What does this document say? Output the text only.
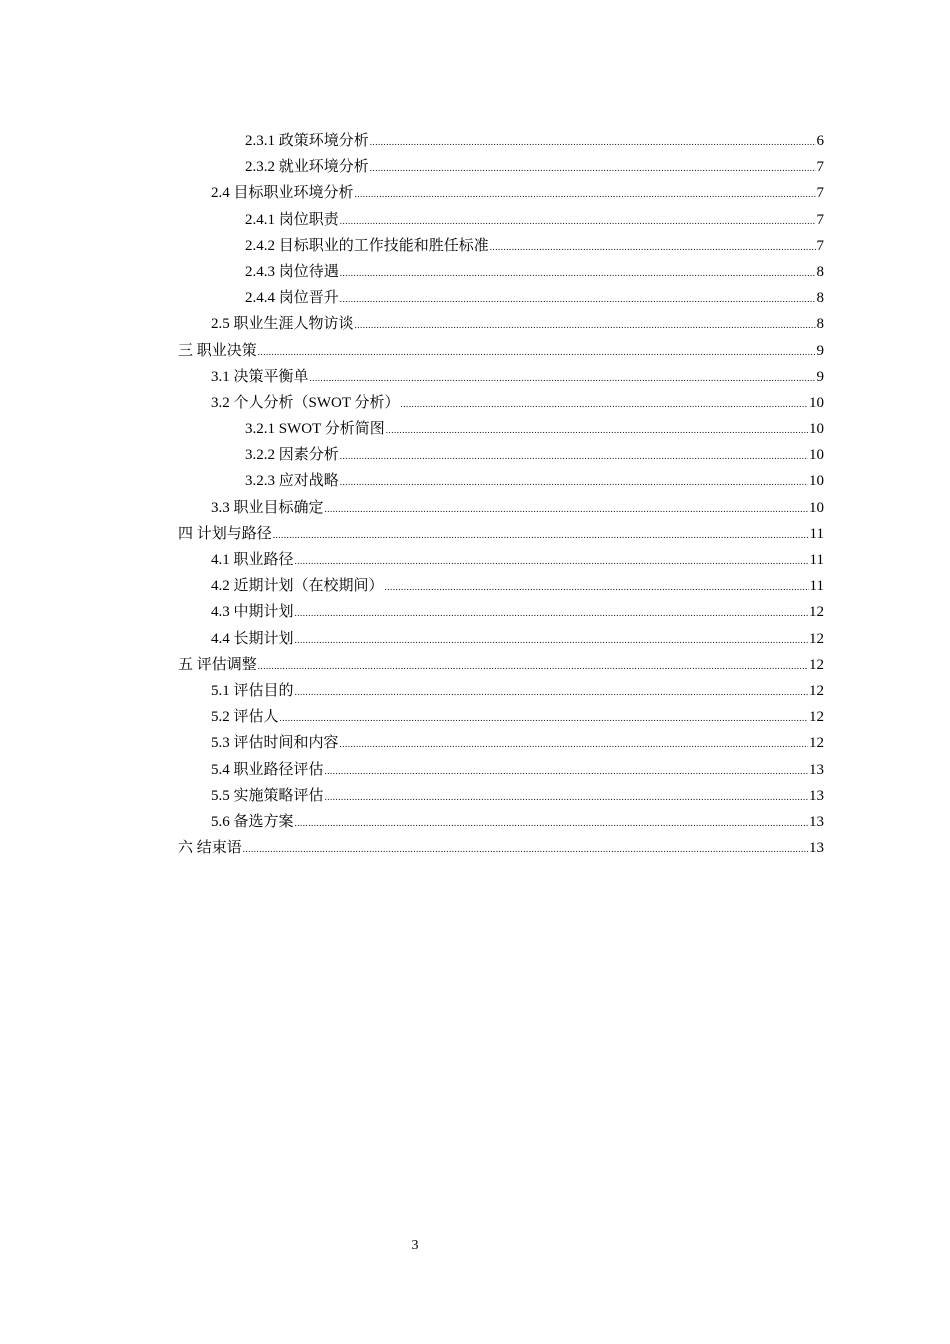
2.3.1 政策环境分析 .....	6
2.3.2 就业环境分析 .....	7
2.4 目标职业环境分析 .....	7
2.4.1 岗位职责 .....	7
2.4.2 目标职业的工作技能和胜任标准 .....	7
2.4.3 岗位待遇 .....	8
2.4.4 岗位晋升 .....	8
2.5 职业生涯人物访谈 .....	8
三 职业决策 .....	9
3.1 决策平衡单 .....	9
3.2 个人分析（SWOT 分析） .....	10
3.2.1 SWOT 分析简图 .....	10
3.2.2 因素分析 .....	10
3.2.3 应对战略 .....	10
3.3 职业目标确定 .....	10
四 计划与路径 .....	11
4.1 职业路径 .....	11
4.2 近期计划（在校期间） .....	11
4.3 中期计划 .....	12
4.4 长期计划 .....	12
五 评估调整 .....	12
5.1 评估目的 .....	12
5.2 评估人 .....	12
5.3 评估时间和内容 .....	12
5.4 职业路径评估 .....	13
5.5 实施策略评估 .....	13
5.6 备选方案 .....	13
六 结束语 .....	13
3
